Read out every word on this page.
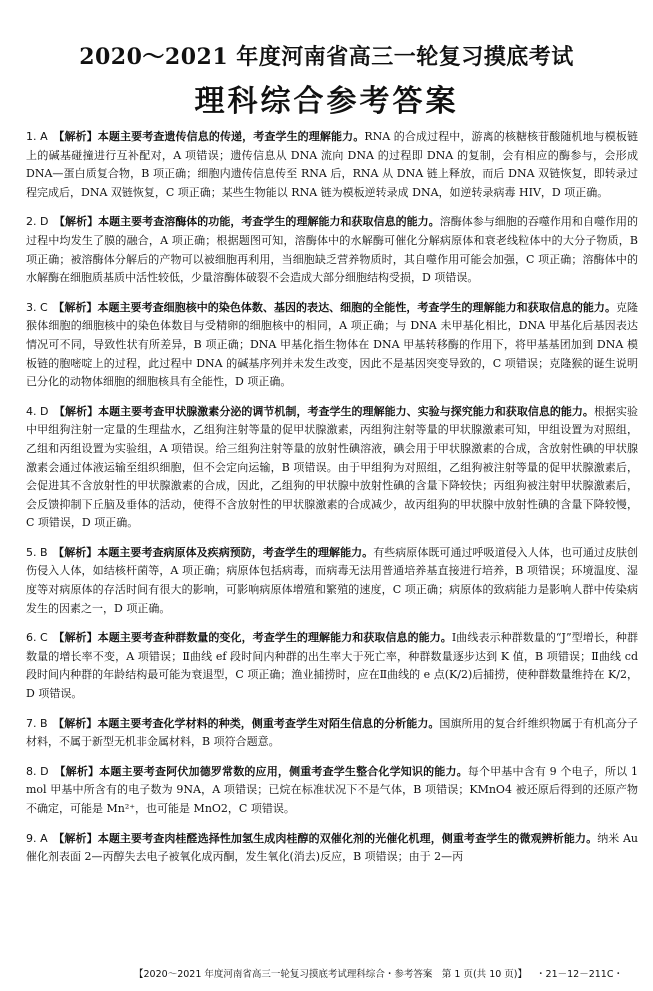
2020～2021 年度河南省高三一轮复习摸底考试
理科综合参考答案

1. A　 【解析】本题主要考查遗传信息的传递，考查学生的理解能力。RNA 的合成过程中，游离的核糖核苷酸随机地与模板链上的碱基碰撞进行互补配对，A 项错误；遗传信息从 DNA 流向 DNA 的过程即 DNA 的复制，会有相应的酶参与，会形成 DNA—蛋白质复合物，B 项正确；细胞内遗传信息传至 RNA 后，RNA 从 DNA 链上释放，而后 DNA 双链恢复，即转录过程完成后，DNA 双链恢复，C 项正确；某些生物能以 RNA 链为模板逆转录成 DNA，如逆转录病毒 HIV，D 项正确。

2. D　 【解析】本题主要考查溶酶体的功能，考查学生的理解能力和获取信息的能力。溶酶体参与细胞的吞噬作用和自噬作用的过程中均发生了膜的融合，A 项正确；根据题图可知，溶酶体中的水解酶可催化分解病原体和衰老线粒体中的大分子物质，B 项正确；被溶酶体分解后的产物可以被细胞再利用，当细胞缺乏营养物质时，其自噬作用可能会加强，C 项正确；溶酶体中的水解酶在细胞质基质中活性较低，少量溶酶体破裂不会造成大部分细胞结构受损，D 项错误。

3. C　 【解析】本题主要考查细胞核中的染色体数、基因的表达、细胞的全能性，考查学生的理解能力和获取信息的能力。克隆猴体细胞的细胞核中的染色体数目与受精卵的细胞核中的相同，A 项正确；与 DNA 未甲基化相比，DNA 甲基化后基因表达情况可不同，导致性状有所差异，B 项正确；DNA 甲基化指生物体在 DNA 甲基转移酶的作用下，将甲基基团加到 DNA 模板链的胞嘧啶上的过程，此过程中 DNA 的碱基序列并未发生改变，因此不是基因突变导致的，C 项错误；克隆猴的诞生说明已分化的动物体细胞的细胞核具有全能性，D 项正确。

4. D　 【解析】本题主要考查甲状腺激素分泌的调节机制，考查学生的理解能力、实验与探究能力和获取信息的能力。根据实验中甲组狗注射一定量的生理盐水，乙组狗注射等量的促甲状腺激素，丙组狗注射等量的甲状腺激素可知，甲组设置为对照组，乙组和丙组设置为实验组，A 项错误。给三组狗注射等量的放射性碘溶液，碘会用于甲状腺激素的合成，含放射性碘的甲状腺激素会通过体液运输至组织细胞，但不会定向运输，B 项错误。由于甲组狗为对照组，乙组狗被注射等量的促甲状腺激素后，会促进其不含放射性的甲状腺激素的合成，因此，乙组狗的甲状腺中放射性碘的含量下降较快；丙组狗被注射甲状腺激素后，会反馈抑制下丘脑及垂体的活动，使得不含放射性的甲状腺激素的合成减少，故丙组狗的甲状腺中放射性碘的含量下降较慢，C 项错误，D 项正确。

5. B　 【解析】本题主要考查病原体及疾病预防，考查学生的理解能力。有些病原体既可通过呼吸道侵入人体，也可通过皮肤创伤侵入人体，如结核杆菌等，A 项正确；病原体包括病毒，而病毒无法用普通培养基直接进行培养，B 项错误；环境温度、湿度等对病原体的存活时间有很大的影响，可影响病原体增殖和繁殖的速度，C 项正确；病原体的致病能力是影响人群中传染病发生的因素之一，D 项正确。

6. C　 【解析】本题主要考查种群数量的变化，考查学生的理解能力和获取信息的能力。Ⅰ曲线表示种群数量的“J”型增长，种群数量的增长率不变，A 项错误；Ⅱ曲线 ef 段时间内种群的出生率大于死亡率，种群数量逐步达到 K 值，B 项错误；Ⅱ曲线 cd 段时间内种群的年龄结构最可能为衰退型，C 项正确；渔业捕捞时，应在Ⅱ曲线的 e 点(K/2)后捕捞，使种群数量维持在 K/2，D 项错误。

7. B　 【解析】本题主要考查化学材料的种类，侧重考查学生对陌生信息的分析能力。国旗所用的复合纤维织物属于有机高分子材料，不属于新型无机非金属材料，B 项符合题意。

8. D　 【解析】本题主要考查阿伏加德罗常数的应用，侧重考查学生整合化学知识的能力。每个甲基中含有 9 个电子，所以 1 mol 甲基中所含有的电子数为 9NA，A 项错误；已烷在标准状况下不是气体，B 项错误；KMnO4 被还原后得到的还原产物不确定，可能是 Mn²⁺，也可能是 MnO2，C 项错误。

9. A　 【解析】本题主要考查肉桂醛选择性加氢生成肉桂醇的双催化剂的光催化机理，侧重考查学生的微观辨析能力。纳米 Au 催化剂表面 2—丙醇失去电子被氧化成丙酮，发生氧化(消去)反应，B 项错误；由于 2—丙

【2020～2021 年度河南省高三一轮复习摸底考试理科综合・参考答案　第 1 页(共 10 页)】 ・21－12－211C・
